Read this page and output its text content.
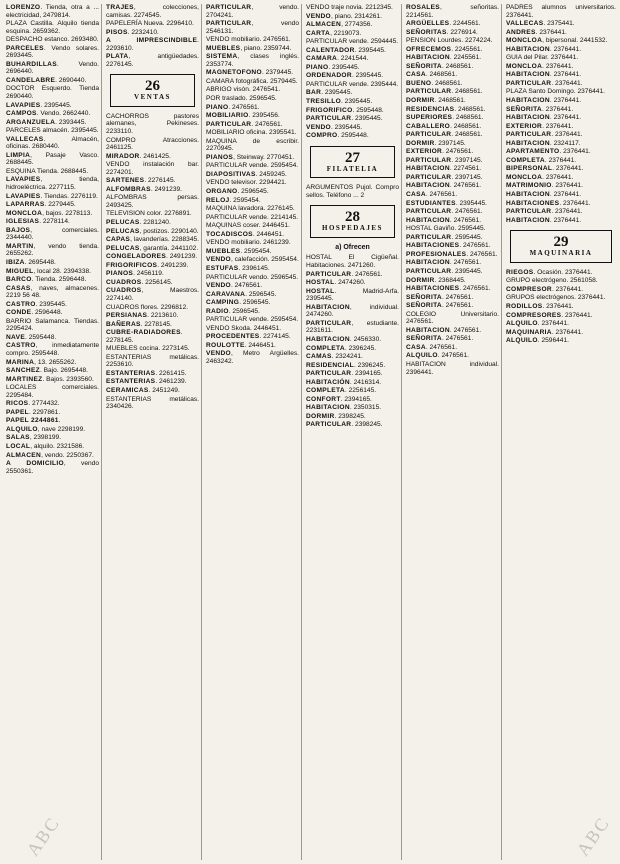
LORENZO. Tienda, otra a ... electricidad, 2479814.
PLAZA Castilla. Alquilo tienda esquina. 2659362.
DESPACHO estanco. 2693480.
PARCELES. Vendo solares. 2693445.
BUHARDILLAS. Vendo. 2696440.
CANDELABRE. 2690440.
DOCTOR Esquerdo. Tienda 2690440.
LAVAPIES. 2395445.
CAMPOS. Vendo. 2662440.
ARGANZUELA. 2393445.
PARCELES almacén. 2395445.
VALLECAS. Almacén, oficinas. 2680440.
LIMPIA, Pasaje Vasco. 2688445.
ESQUINA Tienda. 2688445.
LAVAPIES, tienda, hidroeléctrica. 2277115.
LAVAPIES. Tiendas. 2276119.
LAPARRAS. 2279445.
MONCLOA, bajos. 2278113.
IGLESIAS. 2278114.
BAJOS, comerciales. 2344440.
MARTIN, vendo tienda. 2655262.
IBIZA. 2695448.
MIGUEL, local 28. 2394338.
BARCO. Tienda. 2596448.
CASAS, naves, almacenes. 2219 56 48.
CASTRO. 2395445.
CONDE. 2596448.
BARRIO Salamanca. Tiendas. 2295424.
NAVE. 2595448.
CASTRO, inmediatamente compro. 2595448.
MARINA, 13. 2655262.
SANCHEZ. Bajo. 2695448.
MARTINEZ. Bajos. 2393560.
LOCALES comerciales. 2295484.
RICOS. 2774432.
PAPEL. 2297861.
PAPEL 2244861.
ALQUILO, nave 2298199.
SALAS, 2398199.
LOCAL, alquilo. 2321586.
ALMACEN, vendo. 2250367.
A DOMICILIO, vendo 2550361.
TRAJES, colecciones, camisas. 2274545.
PAPELERÍA Nueva. 2296410.
PISOS. 2232410.
A IMPRESCINDIBLE. 2293610.
PLATA, antigüedades. 2276145.
26
VENTAS
CACHORROS pastores alemanes, Pekineses. 2233110.
COMPRO Atracciones. 2461125.
MIRADOR. 2461425.
VENDO instalación bar. 2274201.
SARTENES. 2276145.
ALFOMBRAS. 2491239.
ALFOMBRAS persas. 2493425.
TELEVISION color. 2276891.
PELUCAS. 2281240.
PELUCAS, postizos. 2290140.
CAPAS, lavanderías. 2288345.
PELUCAS, garantía. 2441102.
CONGELADORES. 2491239.
FRIGORIFICOS. 2491239.
PIANOS. 2456119.
CUADROS. 2256145.
CUADROS, Maestros. 2274140.
CUADROS flores. 2296812.
PERSIANAS. 2213610.
BAÑERAS. 2278145.
CUBRE-RADIADORES. 2278145.
MUEBLES cocina. 2273145.
ESTANTERIAS metálicas. 2253610.
ESTANTERIAS. 2261415.
ESTANTERIAS. 2461239.
CERAMICAS. 2451249.
ESTANTERIAS metálicas. 2340426.
PARTICULAR, vendo. 2704241.
PARTICULAR, vendo 2546131.
VENDO mobiliario. 2476561.
MUEBLES, piano. 2359744.
SISTEMA, clases inglés. 2353774.
MAGNETOFONO. 2379445.
CAMARA fotográfica. 2579445.
ABRIGO visón. 2476541.
POR traslado. 2596545.
PIANO. 2476561.
MOBILIARIO. 2395456.
PARTICULAR. 2476561.
MOBILIARIO oficina. 2395541.
MAQUINA de escribir. 2270945.
PIANOS, Steinway. 2770451.
PARTICULAR vende. 2595454.
DIAPOSITIVAS. 2459245.
VENDO televisor. 2294421.
ORGANO. 2596545.
RELOJ. 2595454.
MAQUINA lavadora. 2276145.
PARTICULAR vende. 2214145.
MAQUINAS coser. 2446451.
TOCADISCOS. 2446451.
VENDO mobiliario. 2461239.
MUEBLES. 2595454.
VENDO, calefacción. 2595454.
ESTUFAS. 2396145.
PARTICULAR vendo. 2596545.
VENDO. 2476561.
CARAVANA. 2596545.
CAMPING. 2596545.
RADIO. 2596545.
PARTICULAR vende. 2595454.
VENDO Skoda. 2446451.
PROCEDENTES. 2274145.
ROULOTTE. 2446451.
VENDO, Metro Argüelles. 2463242.
VENDO traje novia. 2212345.
VENDO, piano. 2314261.
ALMACEN, 2774356.
CARTA, 2219073.
PARTICULAR vende. 2594445.
CALENTADOR. 2395445.
CAMARA. 2241544.
PIANO. 2395445.
ORDENADOR. 2395445.
PARTICULAR vende. 2395444.
BAR. 2395445.
TRESILLO. 2395445.
FRIGORIFICO. 2595448.
PARTICULAR. 2395445.
VENDO. 2395445.
COMPRO. 2595448.
27
FILATELIA
ARGUMENTOS Pujol. Compro sellos. Teléfono ... 2
28
HOSPEDAJES
a) Ofrecen
HOSTAL El Cigüeñal. Habitaciones. 2471260.
PARTICULAR. 2476561.
HOSTAL. 2474260.
HOSTAL. Madrid-Arfa. 2395445.
HABITACION, individual. 2474260.
PARTICULAR, estudiante. 2231611.
HABITACION. 2456330.
COMPLETA. 2396245.
CAMAS. 2324241.
RESIDENCIAL. 2396245.
PARTICULAR. 2394165.
HABITACIÓN. 2416314.
COMPLETA. 2256145.
CONFORT. 2394165.
HABITACION. 2350315.
DORMIR. 2398245.
PARTICULAR. 2398245.
ROSALES, señoritas. 2214561.
ARGÜELLES. 2244561.
SEÑORITAS. 2276914.
PENSION Lourdes. 2274224.
OFRECEMOS. 2245561.
HABITACION. 2245561.
SEÑORITA. 2468561.
CASA. 2468561.
BUENO. 2468561.
PARTICULAR. 2468561.
DORMIR. 2468561.
RESIDENCIAS. 2468561.
SUPERIORES. 2468561.
CABALLERO. 2468561.
PARTICULAR. 2468561.
DORMIR. 2397145.
EXTERIOR. 2476561.
PARTICULAR. 2397145.
HABITACION. 2274561.
PARTICULAR. 2397145.
HABITACION. 2476561.
CASA. 2476561.
ESTUDIANTES. 2395445.
PARTICULAR. 2476561.
HABITACION. 2476561.
HOSTAL Gaviño. 2595445.
PARTICULAR. 2595445.
HABITACIONES. 2476561.
PROFESIONALES. 2476561.
HABITACION. 2476561.
PARTICULAR. 2395445.
DORMIR. 2368445.
HABITACIONES. 2476561.
SEÑORITA. 2476561.
SEÑORITA. 2476561.
COLEGIO Universitario. 2476561.
HABITACION. 2476561.
SEÑORITA. 2476561.
CASA. 2476561.
ALQUILO. 2476561.
HABITACION individual. 2396441.
PADRES alumnos universitarios. 2376441.
VALLECAS. 2375441.
ANDRES. 2376441.
MONCLOA, bipersonal. 2441532.
HABITACION. 2376441.
GUIA del Pilar. 2376441.
MONCLOA. 2376441.
HABITACION. 2376441.
PARTICULAR. 2376441.
PLAZA Santo Domingo. 2376441.
HABITACION. 2376441.
SEÑORITA. 2376441.
HABITACION. 2376441.
EXTERIOR. 2376441.
PARTICULAR. 2376441.
HABITACION. 2324117.
APARTAMENTO. 2376441.
COMPLETA. 2376441.
BIPERSONAL. 2376441.
MONCLOA. 2376441.
MATRIMONIO. 2376441.
HABITACION. 2376441.
HABITACIONES. 2376441.
PARTICULAR. 2376441.
HABITACION. 2376441.
29
MAQUINARIA
RIEGOS. Ocasión. 2376441.
GRUPO electrógeno. 2561058.
COMPRESOR. 2376441.
GRUPOS electrógenos. 2376441.
RODILLOS. 2376441.
COMPRESORES. 2376441.
ALQUILO. 2376441.
MAQUINARIA. 2376441.
ALQUILO. 2596441.
ABC	ABC
